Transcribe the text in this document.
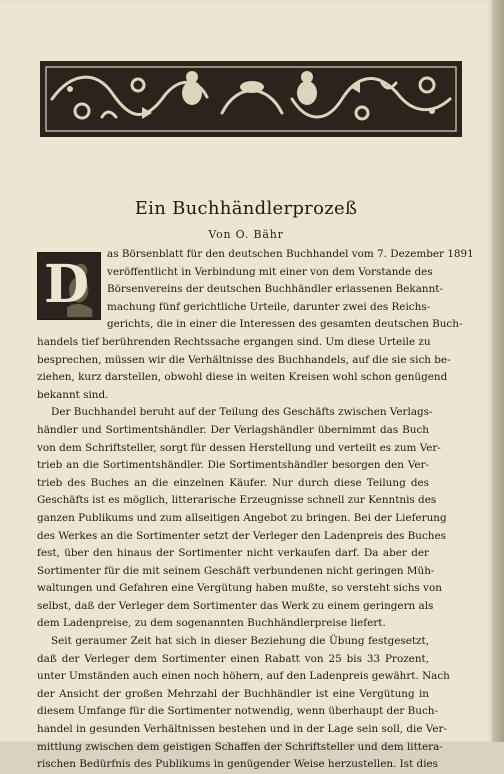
Ein Buchhändlerprozeß
Von O. Bähr
D	as Börsenblatt für den deutschen Buchhandel vom 7. Dezember 1891
veröffentlicht in Verbindung mit einer von dem Vorstande des
Börsenvereins der deutschen Buchhändler erlassenen Bekannt-
machung fünf gerichtliche Urteile, darunter zwei des Reichs-
gerichts, die in einer die Interessen des gesamten deutschen Buch-
handels tief berührenden Rechtssache ergangen sind. Um diese Urteile zu
besprechen, müssen wir die Verhältnisse des Buchhandels, auf die sie sich be-
ziehen, kurz darstellen, obwohl diese in weiten Kreisen wohl schon genügend
bekannt sind.
Der Buchhandel beruht auf der Teilung des Geschäfts zwischen Verlags-
händler und Sortimentshändler. Der Verlagshändler übernimmt das Buch
von dem Schriftsteller, sorgt für dessen Herstellung und verteilt es zum Ver-
trieb an die Sortimentshändler. Die Sortimentshändler besorgen den Ver-
trieb des Buches an die einzelnen Käufer. Nur durch diese Teilung des
Geschäfts ist es möglich, litterarische Erzeugnisse schnell zur Kenntnis des
ganzen Publikums und zum allseitigen Angebot zu bringen. Bei der Lieferung
des Werkes an die Sortimenter setzt der Verleger den Ladenpreis des Buches
fest, über den hinaus der Sortimenter nicht verkaufen darf. Da aber der
Sortimenter für die mit seinem Geschäft verbundenen nicht geringen Müh-
waltungen und Gefahren eine Vergütung haben mußte, so versteht sichs von
selbst, daß der Verleger dem Sortimenter das Werk zu einem geringern als
dem Ladenpreise, zu dem sogenannten Buchhändlerpreise liefert.
Seit geraumer Zeit hat sich in dieser Beziehung die Übung festgesetzt,
daß der Verleger dem Sortimenter einen Rabatt von 25 bis 33 Prozent,
unter Umständen auch einen noch höhern, auf den Ladenpreis gewährt. Nach
der Ansicht der großen Mehrzahl der Buchhändler ist eine Vergütung in
diesem Umfange für die Sortimenter notwendig, wenn überhaupt der Buch-
handel in gesunden Verhältnissen bestehen und in der Lage sein soll, die Ver-
mittlung zwischen dem geistigen Schaffen der Schriftsteller und dem littera-
rischen Bedürfnis des Publikums in genügender Weise herzustellen. Ist dies
